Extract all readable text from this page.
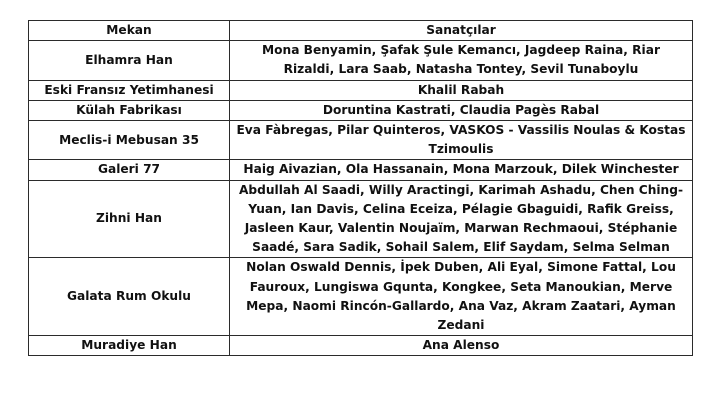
Mekan	Sanatçılar
Elhamra Han	Mona Benyamin, Şafak Şule Kemancı, Jagdeep Raina, Riar Rizaldi, Lara Saab, Natasha Tontey, Sevil Tunaboylu
Eski Fransız Yetimhanesi	Khalil Rabah
Külah Fabrikası	Doruntina Kastrati, Claudia Pagès Rabal
Meclis-i Mebusan 35	Eva Fàbregas, Pilar Quinteros, VASKOS - Vassilis Noulas & Kostas Tzimoulis
Galeri 77	Haig Aivazian, Ola Hassanain, Mona Marzouk, Dilek Winchester
Zihni Han	Abdullah Al Saadi, Willy Aractingi, Karimah Ashadu, Chen Ching-Yuan, Ian Davis, Celina Eceiza, Pélagie Gbaguidi, Rafik Greiss, Jasleen Kaur, Valentin Noujaïm, Marwan Rechmaoui, Stéphanie Saadé, Sara Sadik, Sohail Salem, Elif Saydam, Selma Selman
Galata Rum Okulu	Nolan Oswald Dennis, İpek Duben, Ali Eyal, Simone Fattal, Lou Fauroux, Lungiswa Gqunta, Kongkee, Seta Manoukian, Merve Mepa, Naomi Rincón-Gallardo, Ana Vaz, Akram Zaatari, Ayman Zedani
Muradiye Han	Ana Alenso
